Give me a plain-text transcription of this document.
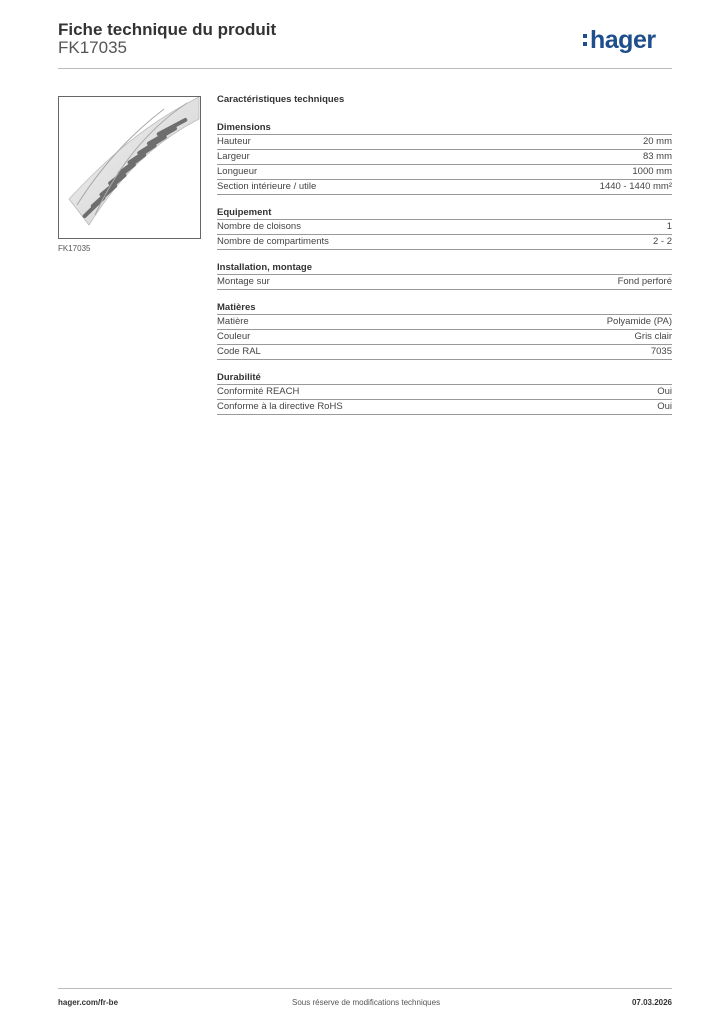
Fiche technique du produit
FK17035	hager
FK17035
Caractéristiques techniques
Dimensions
Hauteur	20 mm
Largeur	83 mm
Longueur	1000 mm
Section intérieure / utile	1440 - 1440 mm²
Equipement
Nombre de cloisons	1
Nombre de compartiments	2 - 2
Installation, montage
Montage sur	Fond perforé
Matières
Matière	Polyamide (PA)
Couleur	Gris clair
Code RAL	7035
Durabilité
Conformité REACH	Oui
Conforme à la directive RoHS	Oui
hager.com/fr-be	Sous réserve de modifications techniques	07.03.2026
